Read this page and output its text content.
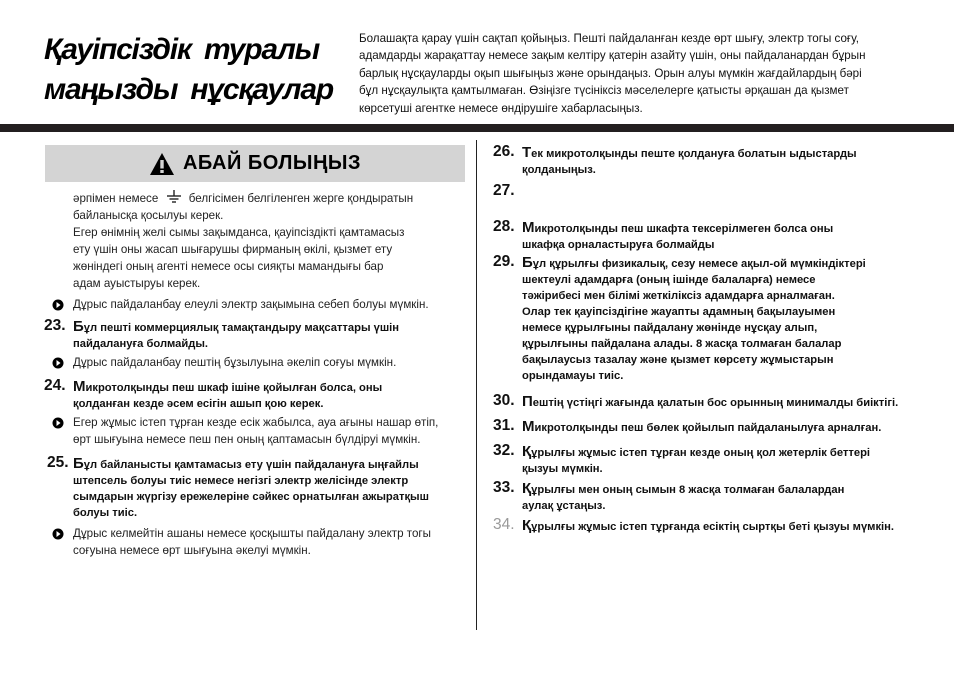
Қауіпсіздік туралы
маңызды нұсқаулар

Болашақта қарау үшін сақтап қойыңыз. Пешті пайдаланған кезде өрт шығу, электр тогы соғу,
адамдарды жарақаттау немесе зақым келтіру қатерін азайту үшін, оны пайдаланардан бұрын
барлық нұсқауларды оқып шығыңыз және орындаңыз. Орын алуы мүмкін жағдайлардың бәрі
бұл нұсқаулықта қамтылмаған. Өзіңізге түсініксіз мәселелерге қатысты әрқашан да қызмет
көрсетуші агентке немесе өндірушіге хабарласыңыз.

АБАЙ БОЛЫҢЫЗ
әрпімен немесе	белгісімен белгіленген жерге қондыратын
байланысқа қосылуы керек.
Егер өнімнің желі сымы зақымданса, қауіпсіздікті қамтамасыз
ету үшін оны жасап шығарушы фирманың өкілі, қызмет ету
жөніндегі оның агенті немесе осы сияқты мамандығы бар
адам ауыстыруы керек.
Дұрыс пайдаланбау елеулі электр зақымына себеп болуы мүмкін.
23. Бұл пешті коммерциялық тамақтандыру мақсаттары үшін
пайдалануға болмайды.
Дұрыс пайдаланбау пештің бұзылуына әкеліп соғуы мүмкін.
24. Микротолқынды пеш шкаф ішіне қойылған болса, оны
қолданған кезде әсем есігін ашып қою керек.
Егер жұмыс істеп тұрған кезде есік жабылса, ауа ағыны нашар өтіп,
өрт шығуына немесе пеш пен оның қаптамасын бүлдіруі мүмкін.
25. Бұл байланысты қамтамасыз ету үшін пайдалануға ыңғайлы
штепсель болуы тиіс немесе негізгі электр желісінде электр
сымдарын жүргізу ережелеріне сәйкес орнатылған ажыратқыш
болуы тиіс.
Дұрыс келмейтін ашаны немесе қосқышты пайдалану электр тогы
соғуына немесе өрт шығуына әкелуі мүмкін.
26. Тек микротолқынды пеште қолдануға болатын ыдыстарды
қолданыңыз.
27.
28. Микротолқынды пеш шкафта тексерілмеген болса оны
шкафқа орналастыруға болмайды
29. Бұл құрылғы физикалық, сезу немесе ақыл-ой мүмкіндіктері
шектеулі адамдарға (оның ішінде балаларға) немесе
тәжірибесі мен білімі жеткіліксіз адамдарға арналмаған.
Олар тек қауіпсіздігіне жауапты адамның бақылауымен
немесе құрылғыны пайдалану жөнінде нұсқау алып,
құрылғыны пайдалана алады. 8 жасқа толмаған балалар
бақылаусыз тазалау және қызмет көрсету жұмыстарын
орындамауы тиіс.
30. Пештің үстіңгі жағында қалатын бос орынның минималды биіктігі.
31. Микротолқынды пеш бөлек қойылып пайдаланылуға арналған.
32. Құрылғы жұмыс істеп тұрған кезде оның қол жетерлік беттері
қызуы мүмкін.
33. Құрылғы мен оның сымын 8 жасқа толмаған балалардан
аулақ ұстаңыз.
34. Құрылғы жұмыс істеп тұрғанда есіктің сыртқы беті қызуы мүмкін.
